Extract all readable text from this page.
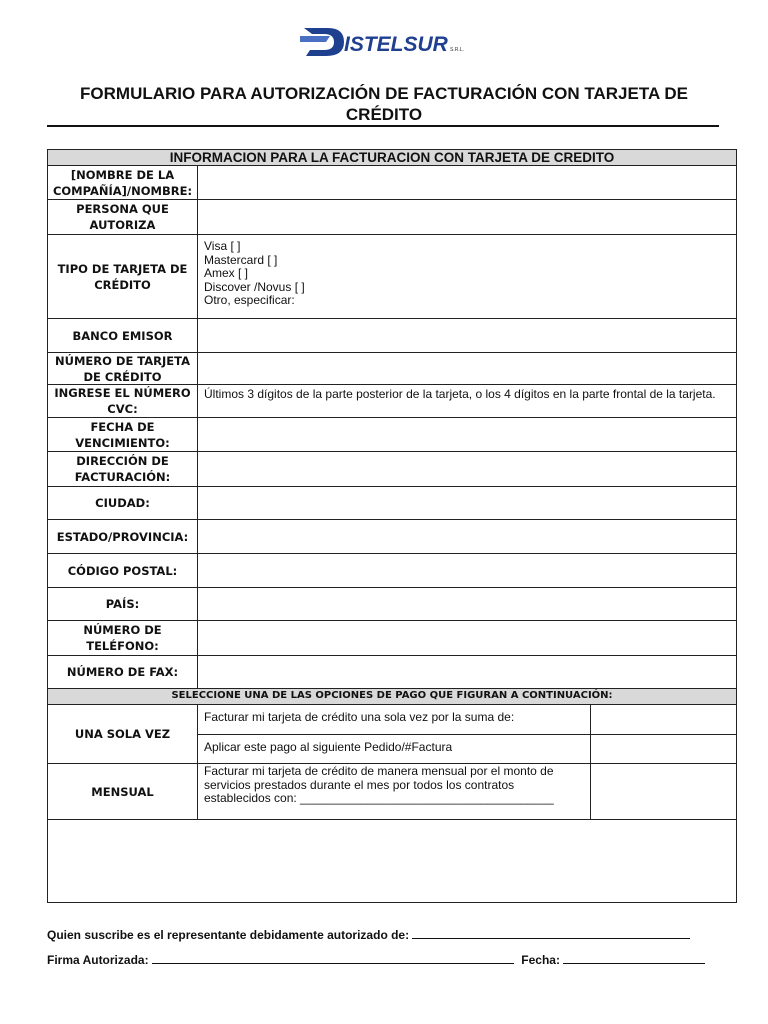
ISTELSUR S.R.L.
FORMULARIO PARA AUTORIZACIÓN DE FACTURACIÓN CON TARJETA DE CRÉDITO
INFORMACION PARA LA FACTURACION CON TARJETA DE CREDITO
[NOMBRE DE LA COMPAÑÍA]/NOMBRE:
PERSONA QUE AUTORIZA
TIPO DE TARJETA DE CRÉDITO
Visa [ ]
Mastercard [ ]
Amex [ ]
Discover /Novus [ ]
Otro, especificar:
BANCO EMISOR
NÚMERO DE TARJETA DE CRÉDITO
INGRESE EL NÚMERO CVC:
Últimos 3 dígitos de la parte posterior de la tarjeta, o los 4 dígitos en la parte frontal de la tarjeta.
FECHA DE VENCIMIENTO:
DIRECCIÓN DE FACTURACIÓN:
CIUDAD:
ESTADO/PROVINCIA:
CÓDIGO POSTAL:
PAÍS:
NÚMERO DE TELÉFONO:
NÚMERO DE FAX:
SELECCIONE UNA DE LAS OPCIONES DE PAGO QUE FIGURAN A CONTINUACIÓN:
UNA SOLA VEZ
Facturar mi tarjeta de crédito una sola vez por la suma de:
Aplicar este pago al siguiente Pedido/#Factura
MENSUAL
Facturar mi tarjeta de crédito de manera mensual por el monto de servicios prestados durante el mes por todos los contratos establecidos con: ______________________________________
Quien suscribe es el representante debidamente autorizado de:
Firma Autorizada:	Fecha:
